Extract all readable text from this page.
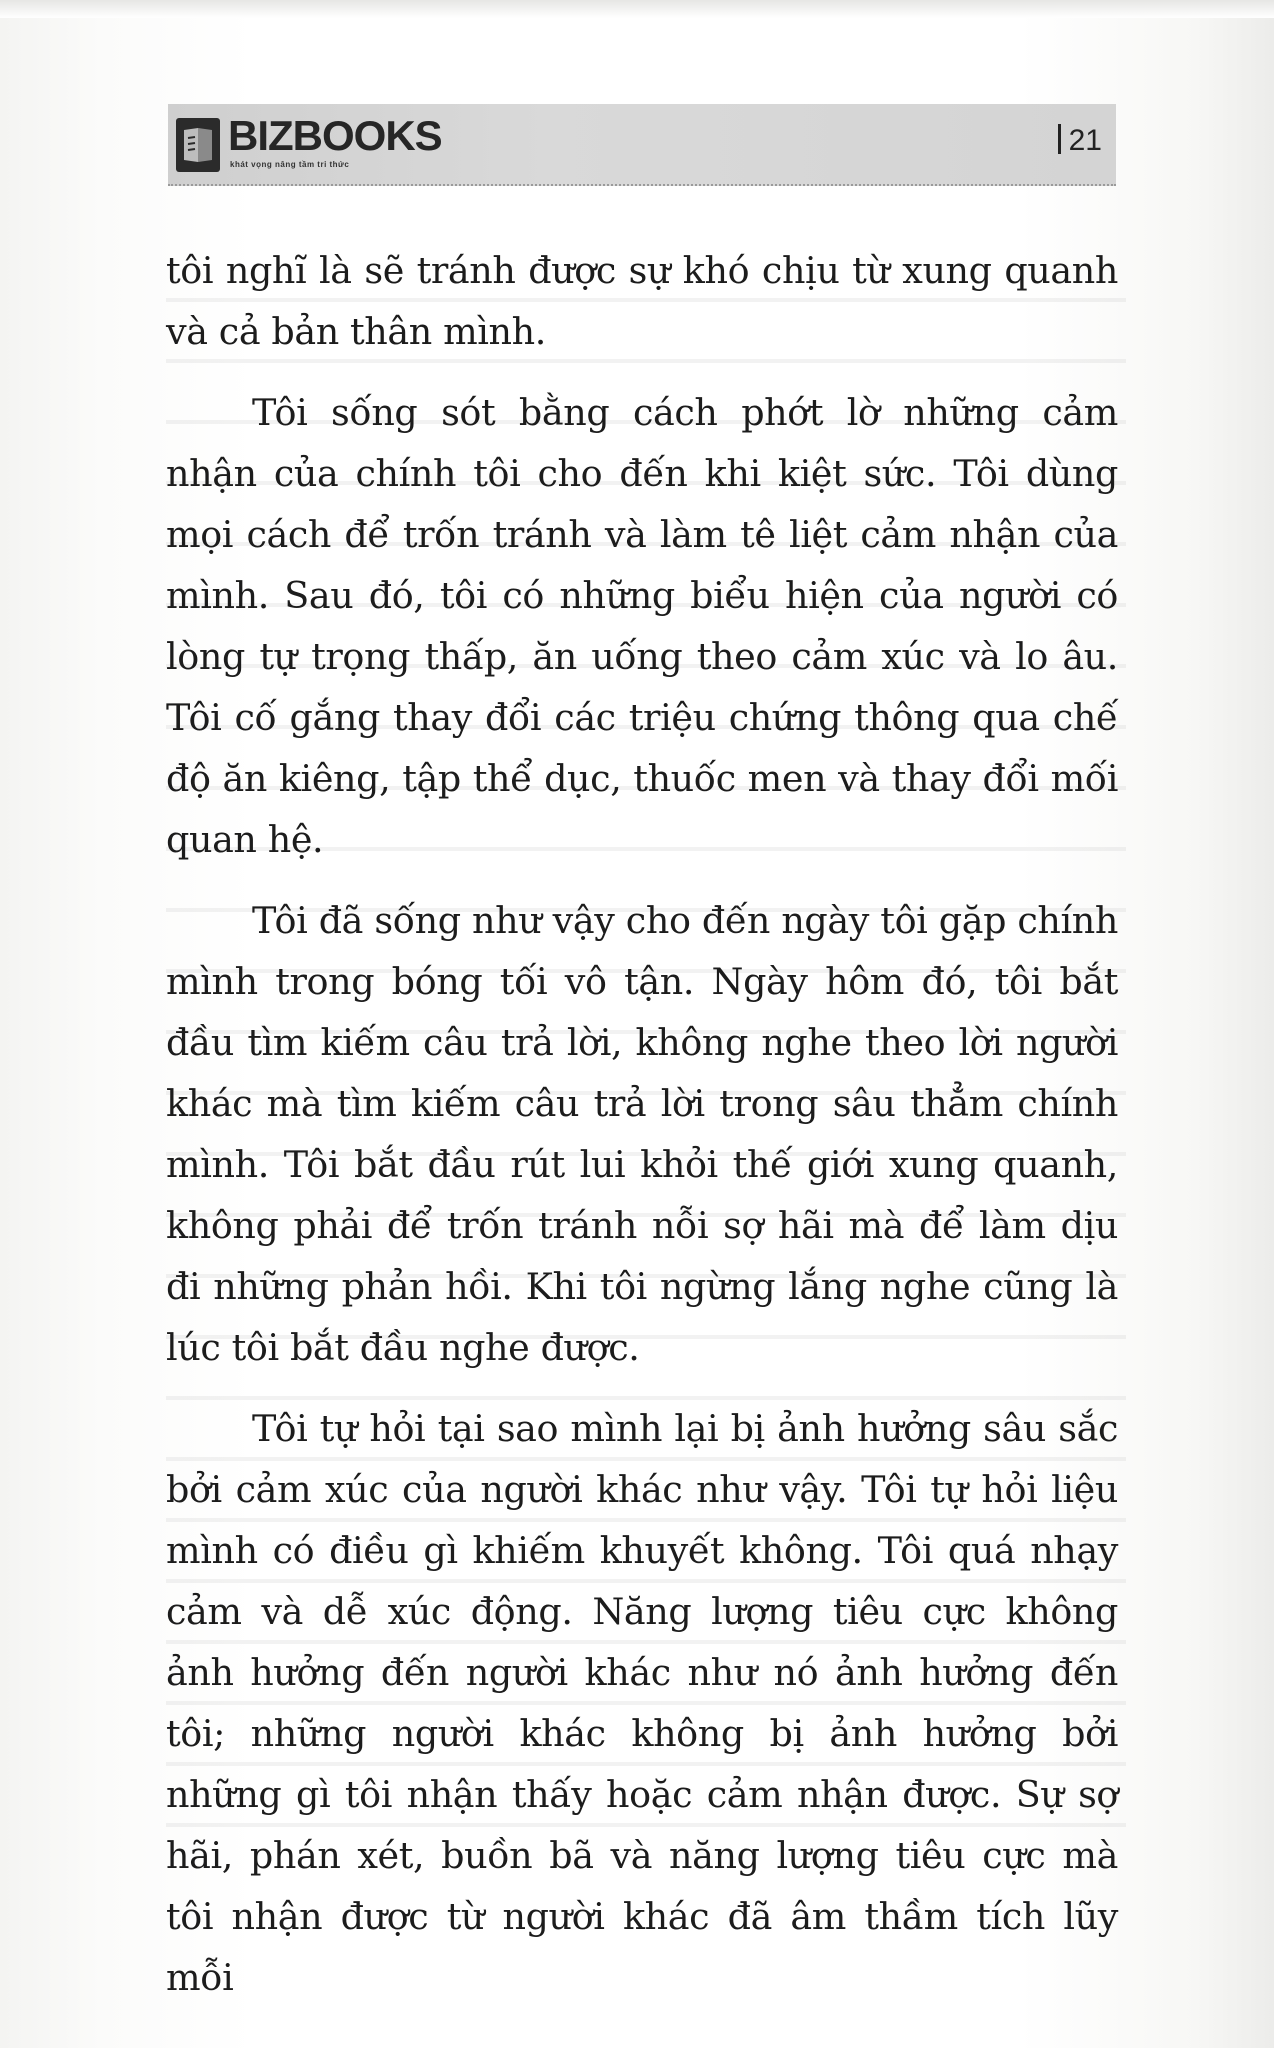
BIZBOOKS
khát vọng nâng tầm tri thức
21

tôi nghĩ là sẽ tránh được sự khó chịu từ xung quanh và cả bản thân mình.

Tôi sống sót bằng cách phớt lờ những cảm nhận của chính tôi cho đến khi kiệt sức. Tôi dùng mọi cách để trốn tránh và làm tê liệt cảm nhận của mình. Sau đó, tôi có những biểu hiện của người có lòng tự trọng thấp, ăn uống theo cảm xúc và lo âu. Tôi cố gắng thay đổi các triệu chứng thông qua chế độ ăn kiêng, tập thể dục, thuốc men và thay đổi mối quan hệ.

Tôi đã sống như vậy cho đến ngày tôi gặp chính mình trong bóng tối vô tận. Ngày hôm đó, tôi bắt đầu tìm kiếm câu trả lời, không nghe theo lời người khác mà tìm kiếm câu trả lời trong sâu thẳm chính mình. Tôi bắt đầu rút lui khỏi thế giới xung quanh, không phải để trốn tránh nỗi sợ hãi mà để làm dịu đi những phản hồi. Khi tôi ngừng lắng nghe cũng là lúc tôi bắt đầu nghe được.

Tôi tự hỏi tại sao mình lại bị ảnh hưởng sâu sắc bởi cảm xúc của người khác như vậy. Tôi tự hỏi liệu mình có điều gì khiếm khuyết không. Tôi quá nhạy cảm và dễ xúc động. Năng lượng tiêu cực không ảnh hưởng đến người khác như nó ảnh hưởng đến tôi; những người khác không bị ảnh hưởng bởi những gì tôi nhận thấy hoặc cảm nhận được. Sự sợ hãi, phán xét, buồn bã và năng lượng tiêu cực mà tôi nhận được từ người khác đã âm thầm tích lũy mỗi
